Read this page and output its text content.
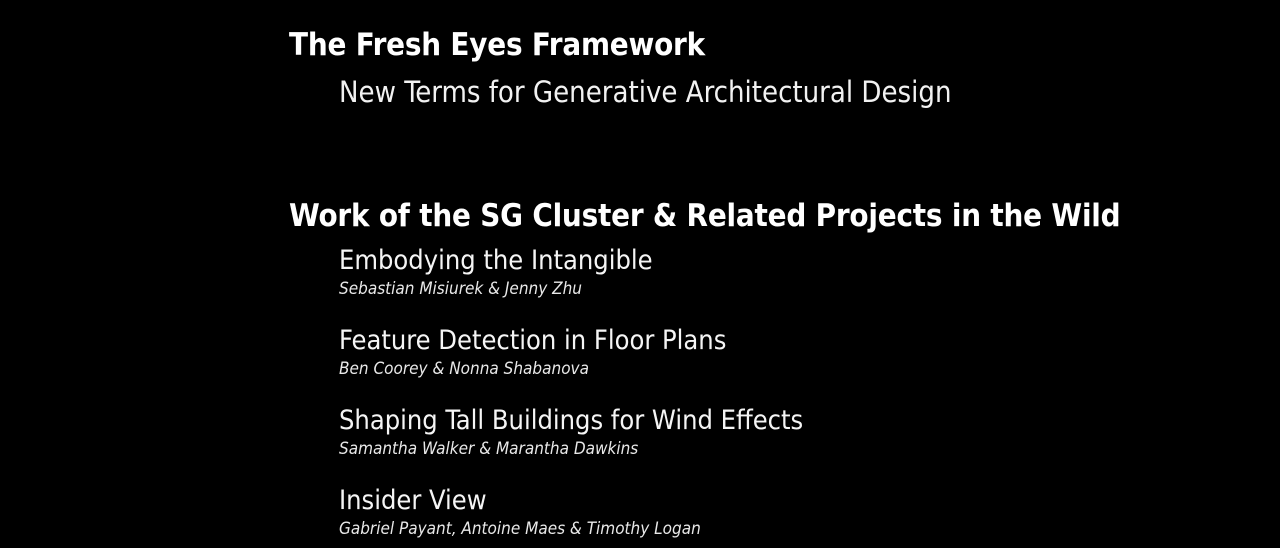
The Fresh Eyes Framework
New Terms for Generative Architectural Design
Work of the SG Cluster & Related Projects in the Wild
Embodying the Intangible
Sebastian Misiurek & Jenny Zhu
Feature Detection in Floor Plans
Ben Coorey & Nonna Shabanova
Shaping Tall Buildings for Wind Effects
Samantha Walker & Marantha Dawkins
Insider View
Gabriel Payant, Antoine Maes & Timothy Logan
